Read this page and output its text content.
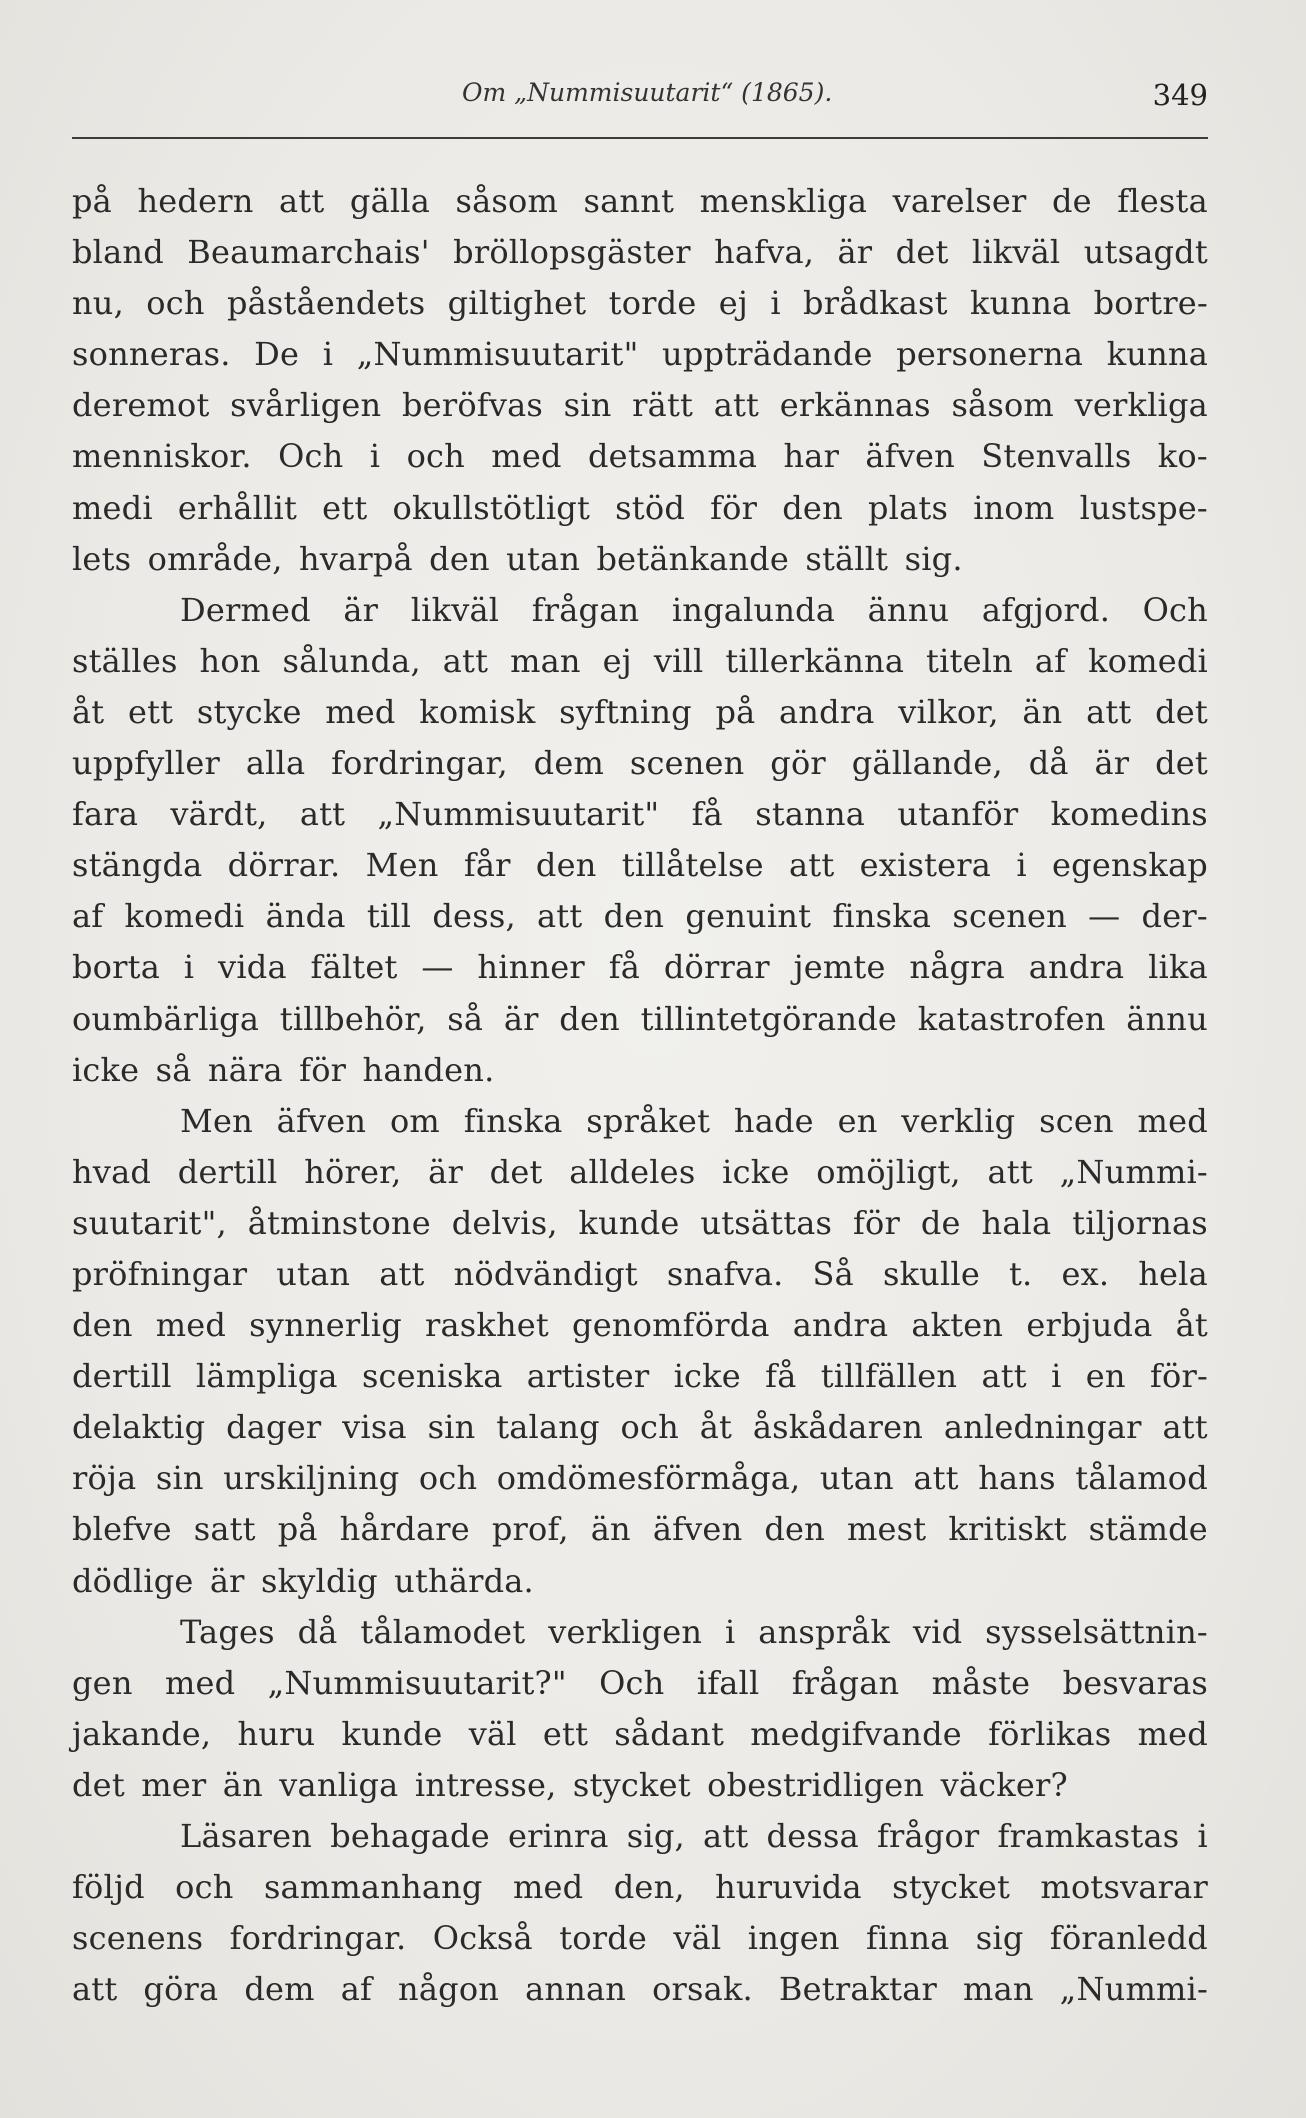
Om „Nummisuutarit“ (1865).	349
på hedern att gälla såsom sannt menskliga varelser de flesta
bland Beaumarchais' bröllopsgäster hafva, är det likväl utsagdt
nu, och påståendets giltighet torde ej i brådkast kunna bortre-
sonneras. De i „Nummisuutarit" uppträdande personerna kunna
deremot svårligen beröfvas sin rätt att erkännas såsom verkliga
menniskor. Och i och med detsamma har äfven Stenvalls ko-
medi erhållit ett okullstötligt stöd för den plats inom lustspe-
lets område, hvarpå den utan betänkande ställt sig.
Dermed är likväl frågan ingalunda ännu afgjord. Och
ställes hon sålunda, att man ej vill tillerkänna titeln af komedi
åt ett stycke med komisk syftning på andra vilkor, än att det
uppfyller alla fordringar, dem scenen gör gällande, då är det
fara värdt, att „Nummisuutarit" få stanna utanför komedins
stängda dörrar. Men får den tillåtelse att existera i egenskap
af komedi ända till dess, att den genuint finska scenen — der-
borta i vida fältet — hinner få dörrar jemte några andra lika
oumbärliga tillbehör, så är den tillintetgörande katastrofen ännu
icke så nära för handen.
Men äfven om finska språket hade en verklig scen med
hvad dertill hörer, är det alldeles icke omöjligt, att „Nummi-
suutarit", åtminstone delvis, kunde utsättas för de hala tiljornas
pröfningar utan att nödvändigt snafva. Så skulle t. ex. hela
den med synnerlig raskhet genomförda andra akten erbjuda åt
dertill lämpliga sceniska artister icke få tillfällen att i en för-
delaktig dager visa sin talang och åt åskådaren anledningar att
röja sin urskiljning och omdömesförmåga, utan att hans tålamod
blefve satt på hårdare prof, än äfven den mest kritiskt stämde
dödlige är skyldig uthärda.
Tages då tålamodet verkligen i anspråk vid sysselsättnin-
gen med „Nummisuutarit?" Och ifall frågan måste besvaras
jakande, huru kunde väl ett sådant medgifvande förlikas med
det mer än vanliga intresse, stycket obestridligen väcker?
Läsaren behagade erinra sig, att dessa frågor framkastas i
följd och sammanhang med den, huruvida stycket motsvarar
scenens fordringar. Också torde väl ingen finna sig föranledd
att göra dem af någon annan orsak. Betraktar man „Nummi-
